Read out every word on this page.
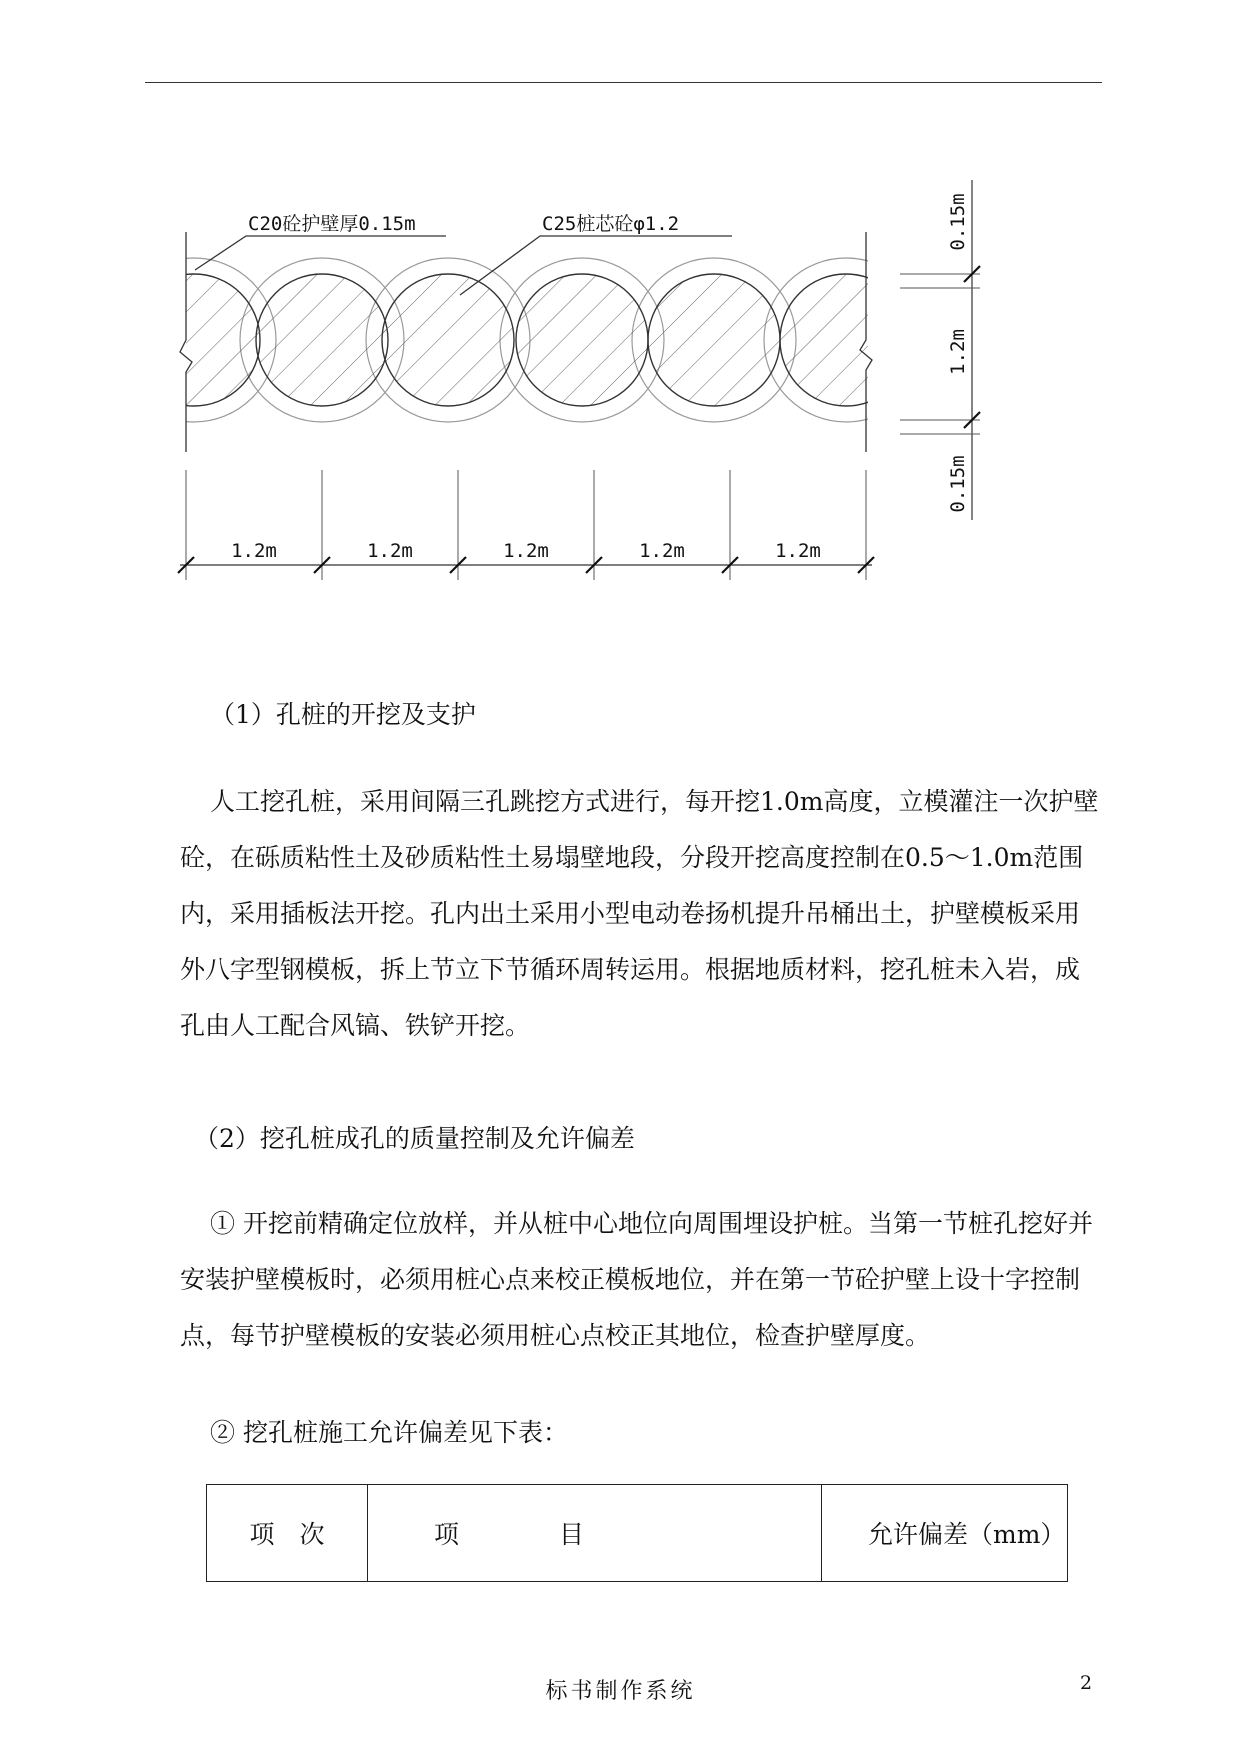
1.2m	1.2m	1.2m	1.2m	1.2m
0.15m
1.2m
0.15m
C20砼护壁厚0.15m	C25桩芯砼φ1.2

（1）孔桩的开挖及支护

人工挖孔桩，采用间隔三孔跳挖方式进行，每开挖1.0m高度，立模灌注一次护壁砼，在砾质粘性土及砂质粘性土易塌壁地段，分段开挖高度控制在0.5～1.0m范围内，采用插板法开挖。孔内出土采用小型电动卷扬机提升吊桶出土，护壁模板采用外八字型钢模板，拆上节立下节循环周转运用。根据地质材料，挖孔桩未入岩，成孔由人工配合风镐、铁铲开挖。

（2）挖孔桩成孔的质量控制及允许偏差

① 开挖前精确定位放样，并从桩中心地位向周围埋设护桩。当第一节桩孔挖好并安装护壁模板时，必须用桩心点来校正模板地位，并在第一节砼护壁上设十字控制点，每节护壁模板的安装必须用桩心点校正其地位，检查护壁厚度。

② 挖孔桩施工允许偏差见下表：

项　次	项　　　　目	允许偏差（mm）
标书制作系统	2
